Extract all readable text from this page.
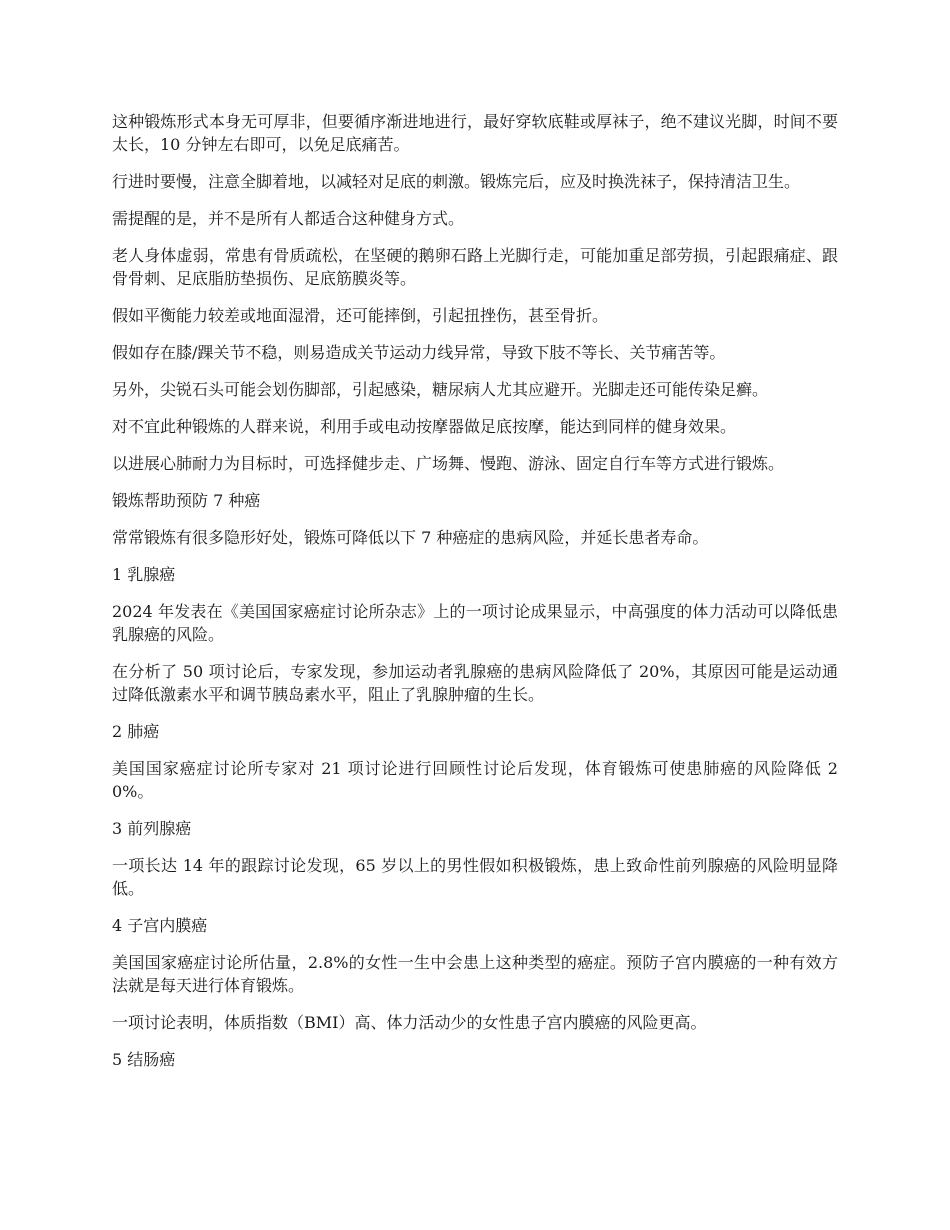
这种锻炼形式本身无可厚非，但要循序渐进地进行，最好穿软底鞋或厚袜子，绝不建议光脚，时间不要太长，10 分钟左右即可，以免足底痛苦。

行进时要慢，注意全脚着地，以减轻对足底的刺激。锻炼完后，应及时换洗袜子，保持清洁卫生。

需提醒的是，并不是所有人都适合这种健身方式。

老人身体虚弱，常患有骨质疏松，在坚硬的鹅卵石路上光脚行走，可能加重足部劳损，引起跟痛症、跟骨骨刺、足底脂肪垫损伤、足底筋膜炎等。

假如平衡能力较差或地面湿滑，还可能摔倒，引起扭挫伤，甚至骨折。

假如存在膝/踝关节不稳，则易造成关节运动力线异常，导致下肢不等长、关节痛苦等。

另外，尖锐石头可能会划伤脚部，引起感染，糖尿病人尤其应避开。光脚走还可能传染足癣。

对不宜此种锻炼的人群来说，利用手或电动按摩器做足底按摩，能达到同样的健身效果。

以进展心肺耐力为目标时，可选择健步走、广场舞、慢跑、游泳、固定自行车等方式进行锻炼。

锻炼帮助预防 7 种癌

常常锻炼有很多隐形好处，锻炼可降低以下 7 种癌症的患病风险，并延长患者寿命。

1 乳腺癌

2024 年发表在《美国国家癌症讨论所杂志》上的一项讨论成果显示，中高强度的体力活动可以降低患乳腺癌的风险。

在分析了 50 项讨论后，专家发现，参加运动者乳腺癌的患病风险降低了 20%，其原因可能是运动通过降低激素水平和调节胰岛素水平，阻止了乳腺肿瘤的生长。

2 肺癌

美国国家癌症讨论所专家对 21 项讨论进行回顾性讨论后发现，体育锻炼可使患肺癌的风险降低 20%。

3 前列腺癌

一项长达 14 年的跟踪讨论发现，65 岁以上的男性假如积极锻炼，患上致命性前列腺癌的风险明显降低。

4 子宫内膜癌

美国国家癌症讨论所估量，2.8%的女性一生中会患上这种类型的癌症。预防子宫内膜癌的一种有效方法就是每天进行体育锻炼。

一项讨论表明，体质指数（BMI）高、体力活动少的女性患子宫内膜癌的风险更高。

5 结肠癌
